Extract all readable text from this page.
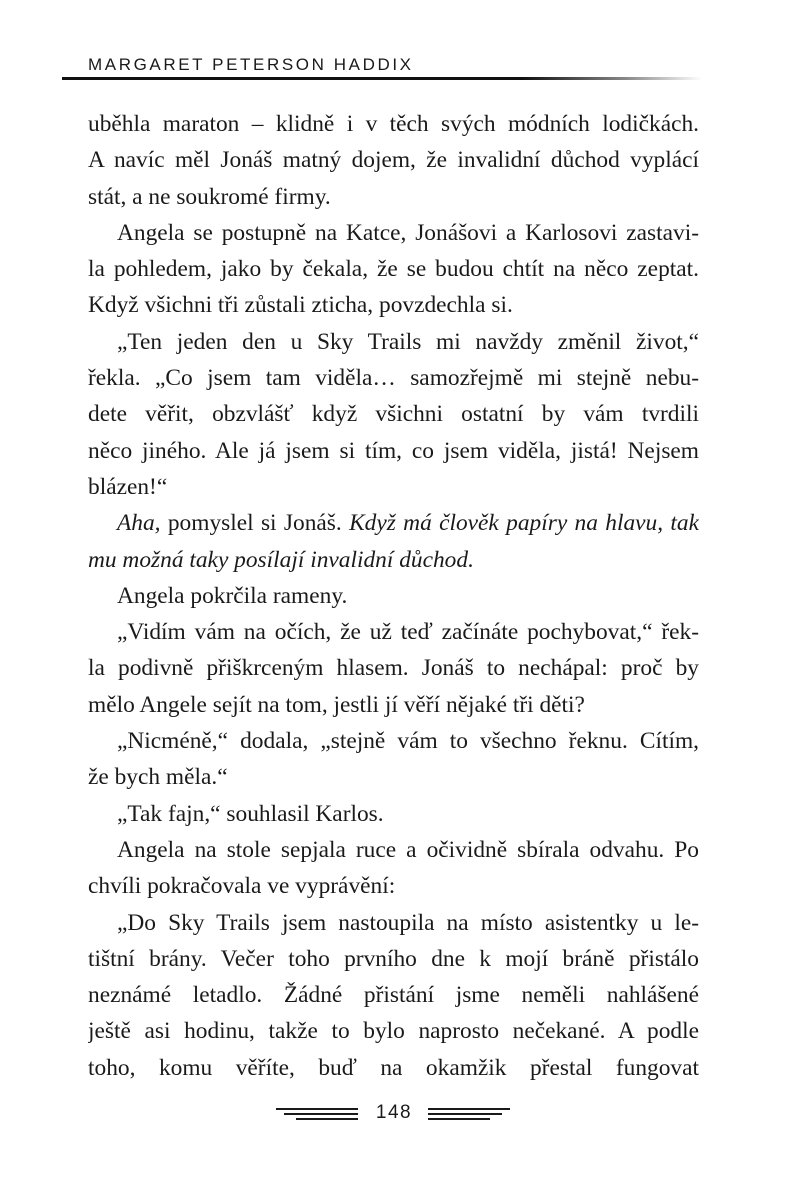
MARGARET PETERSON HADDIX
uběhla maraton – klidně i v těch svých módních lodičkách.
A navíc měl Jonáš matný dojem, že invalidní důchod vyplácí
stát, a ne soukromé firmy.
Angela se postupně na Katce, Jonášovi a Karlosovi zastavi-
la pohledem, jako by čekala, že se budou chtít na něco zeptat.
Když všichni tři zůstali zticha, povzdechla si.
„Ten jeden den u Sky Trails mi navždy změnil život,“
řekla. „Co jsem tam viděla… samozřejmě mi stejně nebu-
dete věřit, obzvlášť když všichni ostatní by vám tvrdili
něco jiného. Ale já jsem si tím, co jsem viděla, jistá! Nejsem
blázen!“
Aha, pomyslel si Jonáš. Když má člověk papíry na hlavu, tak
mu možná taky posílají invalidní důchod.
Angela pokrčila rameny.
„Vidím vám na očích, že už teď začínáte pochybovat,“ řek-
la podivně přiškrceným hlasem. Jonáš to nechápal: proč by
mělo Angele sejít na tom, jestli jí věří nějaké tři děti?
„Nicméně,“ dodala, „stejně vám to všechno řeknu. Cítím,
že bych měla.“
„Tak fajn,“ souhlasil Karlos.
Angela na stole sepjala ruce a očividně sbírala odvahu. Po
chvíli pokračovala ve vyprávění:
„Do Sky Trails jsem nastoupila na místo asistentky u le-
tištní brány. Večer toho prvního dne k mojí bráně přistálo
neznámé letadlo. Žádné přistání jsme neměli nahlášené
ještě asi hodinu, takže to bylo naprosto nečekané. A podle
toho, komu věříte, buď na okamžik přestal fungovat
148
